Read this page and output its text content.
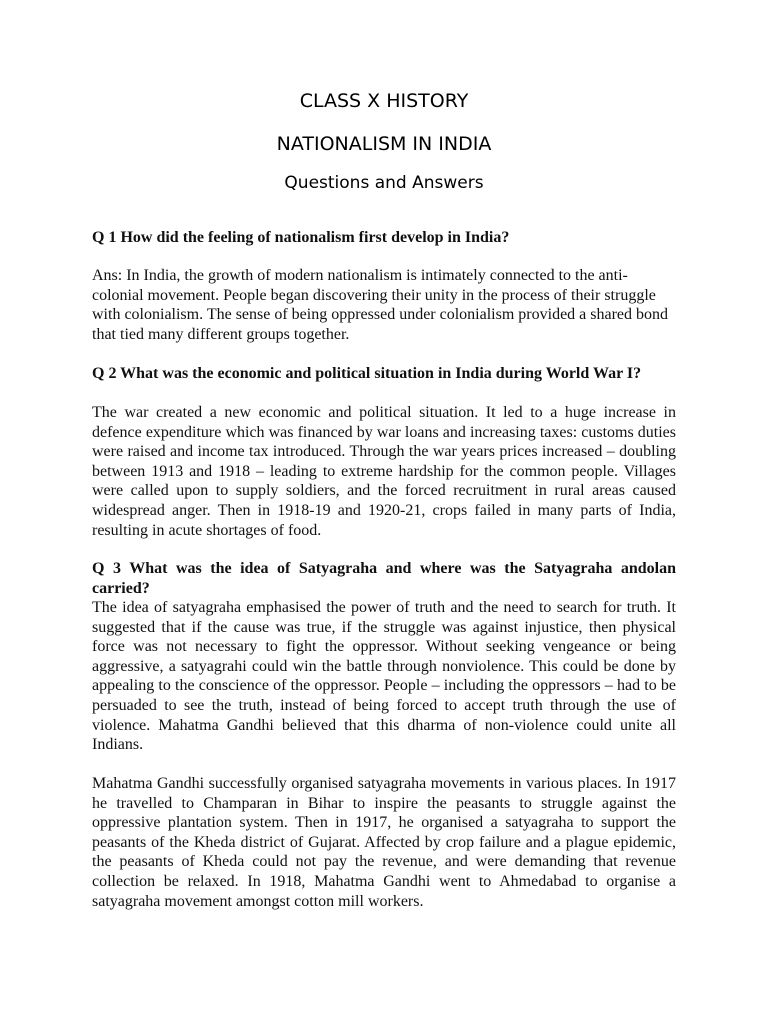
CLASS X HISTORY
NATIONALISM IN INDIA
Questions and Answers

Q 1 How did the feeling of nationalism first develop in India?

Ans: In India, the growth of modern nationalism is intimately connected to the anti-colonial movement. People began discovering their unity in the process of their struggle with colonialism. The sense of being oppressed under colonialism provided a shared bond that tied many different groups together.

Q 2 What was the economic and political situation in India during World War I?

The war created a new economic and political situation. It led to a huge increase in defence expenditure which was financed by war loans and increasing taxes: customs duties were raised and income tax introduced. Through the war years prices increased – doubling between 1913 and 1918 – leading to extreme hardship for the common people. Villages were called upon to supply soldiers, and the forced recruitment in rural areas caused widespread anger. Then in 1918-19 and 1920-21, crops failed in many parts of India, resulting in acute shortages of food.

Q 3 What was the idea of Satyagraha and where was the Satyagraha andolan carried?

The idea of satyagraha emphasised the power of truth and the need to search for truth. It suggested that if the cause was true, if the struggle was against injustice, then physical force was not necessary to fight the oppressor. Without seeking vengeance or being aggressive, a satyagrahi could win the battle through nonviolence. This could be done by appealing to the conscience of the oppressor. People – including the oppressors – had to be persuaded to see the truth, instead of being forced to accept truth through the use of violence. Mahatma Gandhi believed that this dharma of non-violence could unite all Indians.

Mahatma Gandhi successfully organised satyagraha movements in various places. In 1917 he travelled to Champaran in Bihar to inspire the peasants to struggle against the oppressive plantation system. Then in 1917, he organised a satyagraha to support the peasants of the Kheda district of Gujarat. Affected by crop failure and a plague epidemic, the peasants of Kheda could not pay the revenue, and were demanding that revenue collection be relaxed. In 1918, Mahatma Gandhi went to Ahmedabad to organise a satyagraha movement amongst cotton mill workers.
